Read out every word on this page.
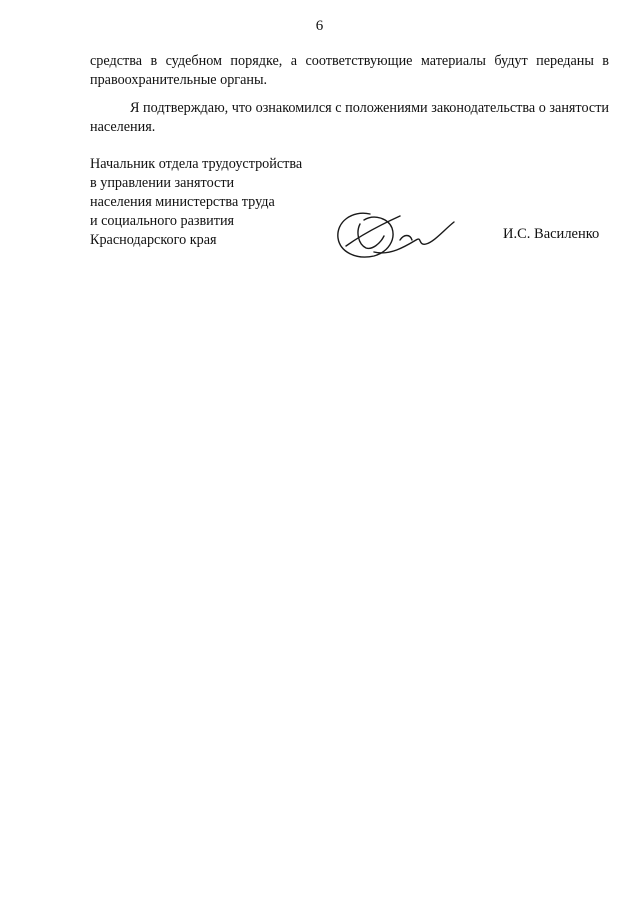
6

средства в судебном порядке, а соответствующие материалы будут переданы в правоохранительные органы.

Я подтверждаю, что ознакомился с положениями законодательства о занятости населения.

Начальник отдела трудоустройства
в управлении занятости
населения министерства труда
и социального развития
Краснодарского края	И.С. Василенко
